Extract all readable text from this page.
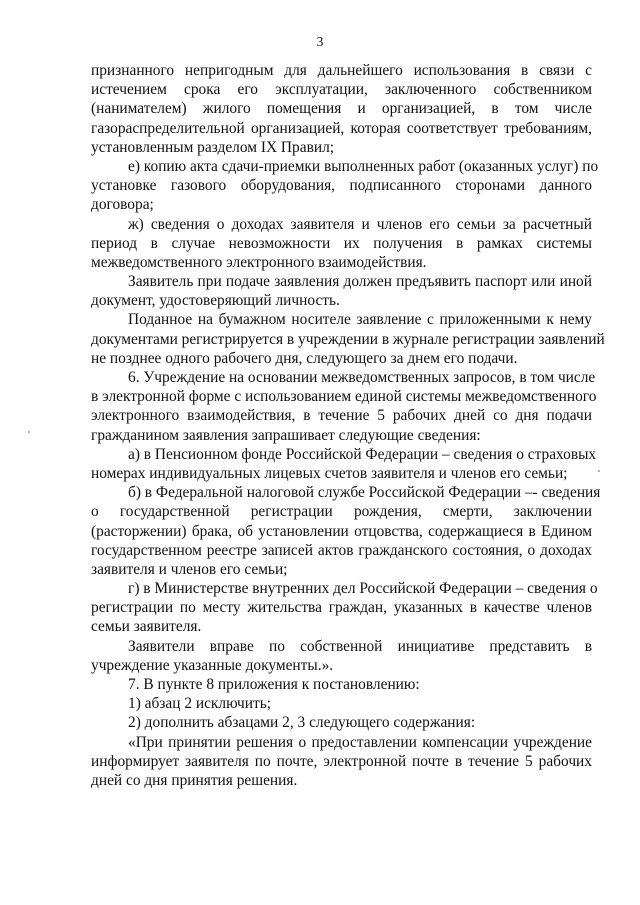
3
признанного непригодным для дальнейшего использования в связи с
истечением срока его эксплуатации, заключенного собственником
(нанимателем) жилого помещения и организацией, в том числе
газораспределительной организацией, которая соответствует требованиям,
установленным разделом IX Правил;
е) копию акта сдачи-приемки выполненных работ (оказанных услуг) по
установке газового оборудования, подписанного сторонами данного
договора;
ж) сведения о доходах заявителя и членов его семьи за расчетный
период в случае невозможности их получения в рамках системы
межведомственного электронного взаимодействия.
Заявитель при подаче заявления должен предъявить паспорт или иной
документ, удостоверяющий личность.
Поданное на бумажном носителе заявление с приложенными к нему
документами регистрируется в учреждении в журнале регистрации заявлений
не позднее одного рабочего дня, следующего за днем его подачи.
6. Учреждение на основании межведомственных запросов, в том числе
в электронной форме с использованием единой системы межведомственного
электронного взаимодействия, в течение 5 рабочих дней со дня подачи
гражданином заявления запрашивает следующие сведения:
а) в Пенсионном фонде Российской Федерации – сведения о страховых
номерах индивидуальных лицевых счетов заявителя и членов его семьи;
б) в Федеральной налоговой службе Российской Федерации –- сведения
о государственной регистрации рождения, смерти, заключении
(расторжении) брака, об установлении отцовства, содержащиеся в Едином
государственном реестре записей актов гражданского состояния, о доходах
заявителя и членов его семьи;
г) в Министерстве внутренних дел Российской Федерации – сведения о
регистрации по месту жительства граждан, указанных в качестве членов
семьи заявителя.
Заявители вправе по собственной инициативе представить в
учреждение указанные документы.».
7. В пункте 8 приложения к постановлению:
1) абзац 2 исключить;
2) дополнить абзацами 2, 3 следующего содержания:
«При принятии решения о предоставлении компенсации учреждение
информирует заявителя по почте, электронной почте в течение 5 рабочих
дней со дня принятия решения.
